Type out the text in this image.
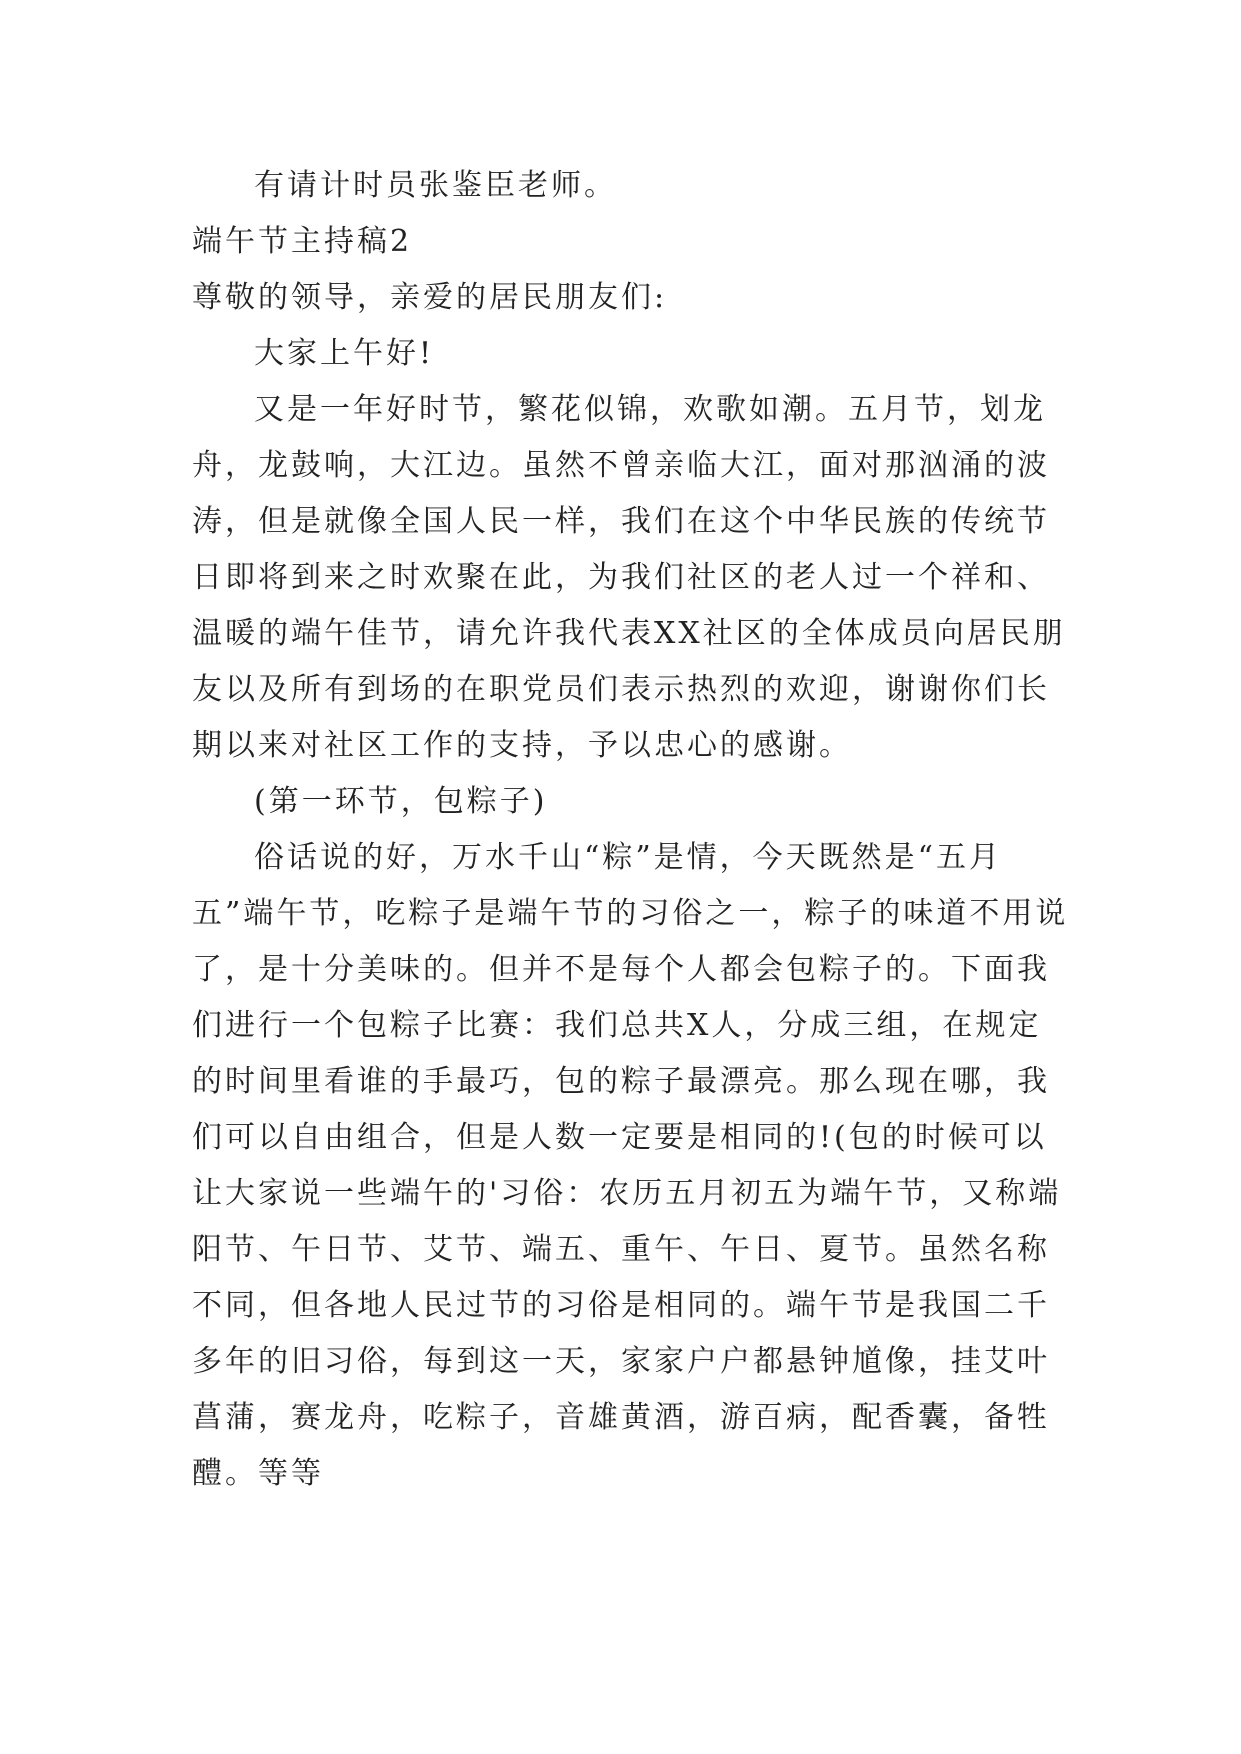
有请计时员张鉴臣老师。

端午节主持稿2

尊敬的领导，亲爱的居民朋友们:

大家上午好!

又是一年好时节，繁花似锦，欢歌如潮。五月节，划龙舟，龙鼓响，大江边。虽然不曾亲临大江，面对那汹涌的波涛，但是就像全国人民一样，我们在这个中华民族的传统节日即将到来之时欢聚在此，为我们社区的老人过一个祥和、温暖的端午佳节，请允许我代表XX社区的全体成员向居民朋友以及所有到场的在职党员们表示热烈的欢迎，谢谢你们长期以来对社区工作的支持，予以忠心的感谢。

(第一环节，包粽子)

俗话说的好，万水千山“粽”是情，今天既然是“五月五”端午节，吃粽子是端午节的习俗之一，粽子的味道不用说了，是十分美味的。但并不是每个人都会包粽子的。下面我们进行一个包粽子比赛：我们总共X人，分成三组，在规定的时间里看谁的手最巧，包的粽子最漂亮。那么现在哪，我们可以自由组合，但是人数一定要是相同的!(包的时候可以让大家说一些端午的'习俗：农历五月初五为端午节，又称端阳节、午日节、艾节、端五、重午、午日、夏节。虽然名称不同，但各地人民过节的习俗是相同的。端午节是我国二千多年的旧习俗，每到这一天，家家户户都悬钟馗像，挂艾叶菖蒲，赛龙舟，吃粽子，音雄黄酒，游百病，配香囊，备牲醴。等等
